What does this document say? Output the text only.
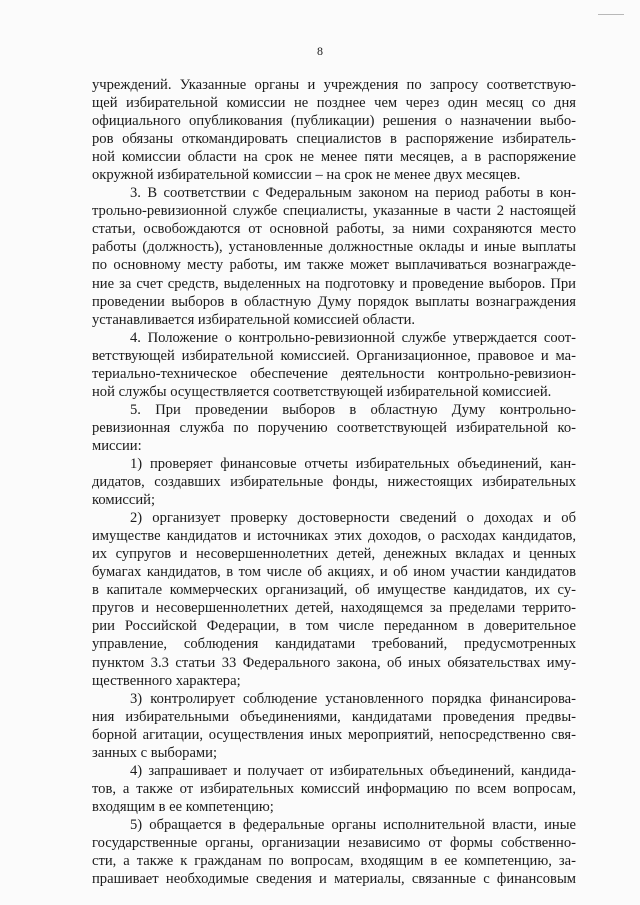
8

учреждений. Указанные органы и учреждения по запросу соответствую-

щей избирательной комиссии не позднее чем через один месяц со дня

официального опубликования (публикации) решения о назначении выбо-

ров обязаны откомандировать специалистов в распоряжение избиратель-

ной комиссии области на срок не менее пяти месяцев, а в распоряжение

окружной избирательной комиссии – на срок не менее двух месяцев.

3. В соответствии с Федеральным законом на период работы в кон-

трольно-ревизионной службе специалисты, указанные в части 2 настоящей

статьи, освобождаются от основной работы, за ними сохраняются место

работы (должность), установленные должностные оклады и иные выплаты

по основному месту работы, им также может выплачиваться вознагражде-

ние за счет средств, выделенных на подготовку и проведение выборов. При

проведении выборов в областную Думу порядок выплаты вознаграждения

устанавливается избирательной комиссией области.

4. Положение о контрольно-ревизионной службе утверждается соот-

ветствующей избирательной комиссией. Организационное, правовое и ма-

териально-техническое обеспечение деятельности контрольно-ревизион-

ной службы осуществляется соответствующей избирательной комиссией.

5. При проведении выборов в областную Думу контрольно-

ревизионная служба по поручению соответствующей избирательной ко-

миссии:

1) проверяет финансовые отчеты избирательных объединений, кан-

дидатов, создавших избирательные фонды, нижестоящих избирательных

комиссий;

2) организует проверку достоверности сведений о доходах и об

имуществе кандидатов и источниках этих доходов, о расходах кандидатов,

их супругов и несовершеннолетних детей, денежных вкладах и ценных

бумагах кандидатов, в том числе об акциях, и об ином участии кандидатов

в капитале коммерческих организаций, об имуществе кандидатов, их су-

пругов и несовершеннолетних детей, находящемся за пределами террито-

рии Российской Федерации, в том числе переданном в доверительное

управление, соблюдения кандидатами требований, предусмотренных

пунктом 3.3 статьи 33 Федерального закона, об иных обязательствах иму-

щественного характера;

3) контролирует соблюдение установленного порядка финансирова-

ния избирательными объединениями, кандидатами проведения предвы-

борной агитации, осуществления иных мероприятий, непосредственно свя-

занных с выборами;

4) запрашивает и получает от избирательных объединений, кандида-

тов, а также от избирательных комиссий информацию по всем вопросам,

входящим в ее компетенцию;

5) обращается в федеральные органы исполнительной власти, иные

государственные органы, организации независимо от формы собственно-

сти, а также к гражданам по вопросам, входящим в ее компетенцию, за-

прашивает необходимые сведения и материалы, связанные с финансовым
